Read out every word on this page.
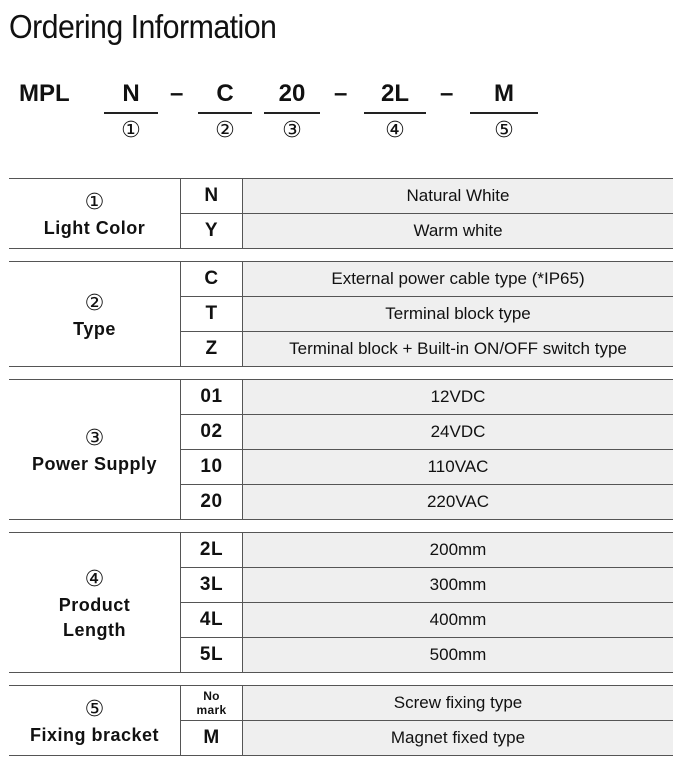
Ordering Information
MPL	N
①
–	C
②
20
③
–	2L
④
–	M
⑤
①
Light Color
N	Natural White
Y	Warm white
②
Type
C	External power cable type (*IP65)
T	Terminal block type
Z	Terminal block + Built-in ON/OFF switch type
③
Power Supply
01	12VDC
02	24VDC
10	110VAC
20	220VAC
④
Product
Length
2L	200mm
3L	300mm
4L	400mm
5L	500mm
⑤
Fixing bracket
No
mark	Screw fixing type
M	Magnet fixed type
